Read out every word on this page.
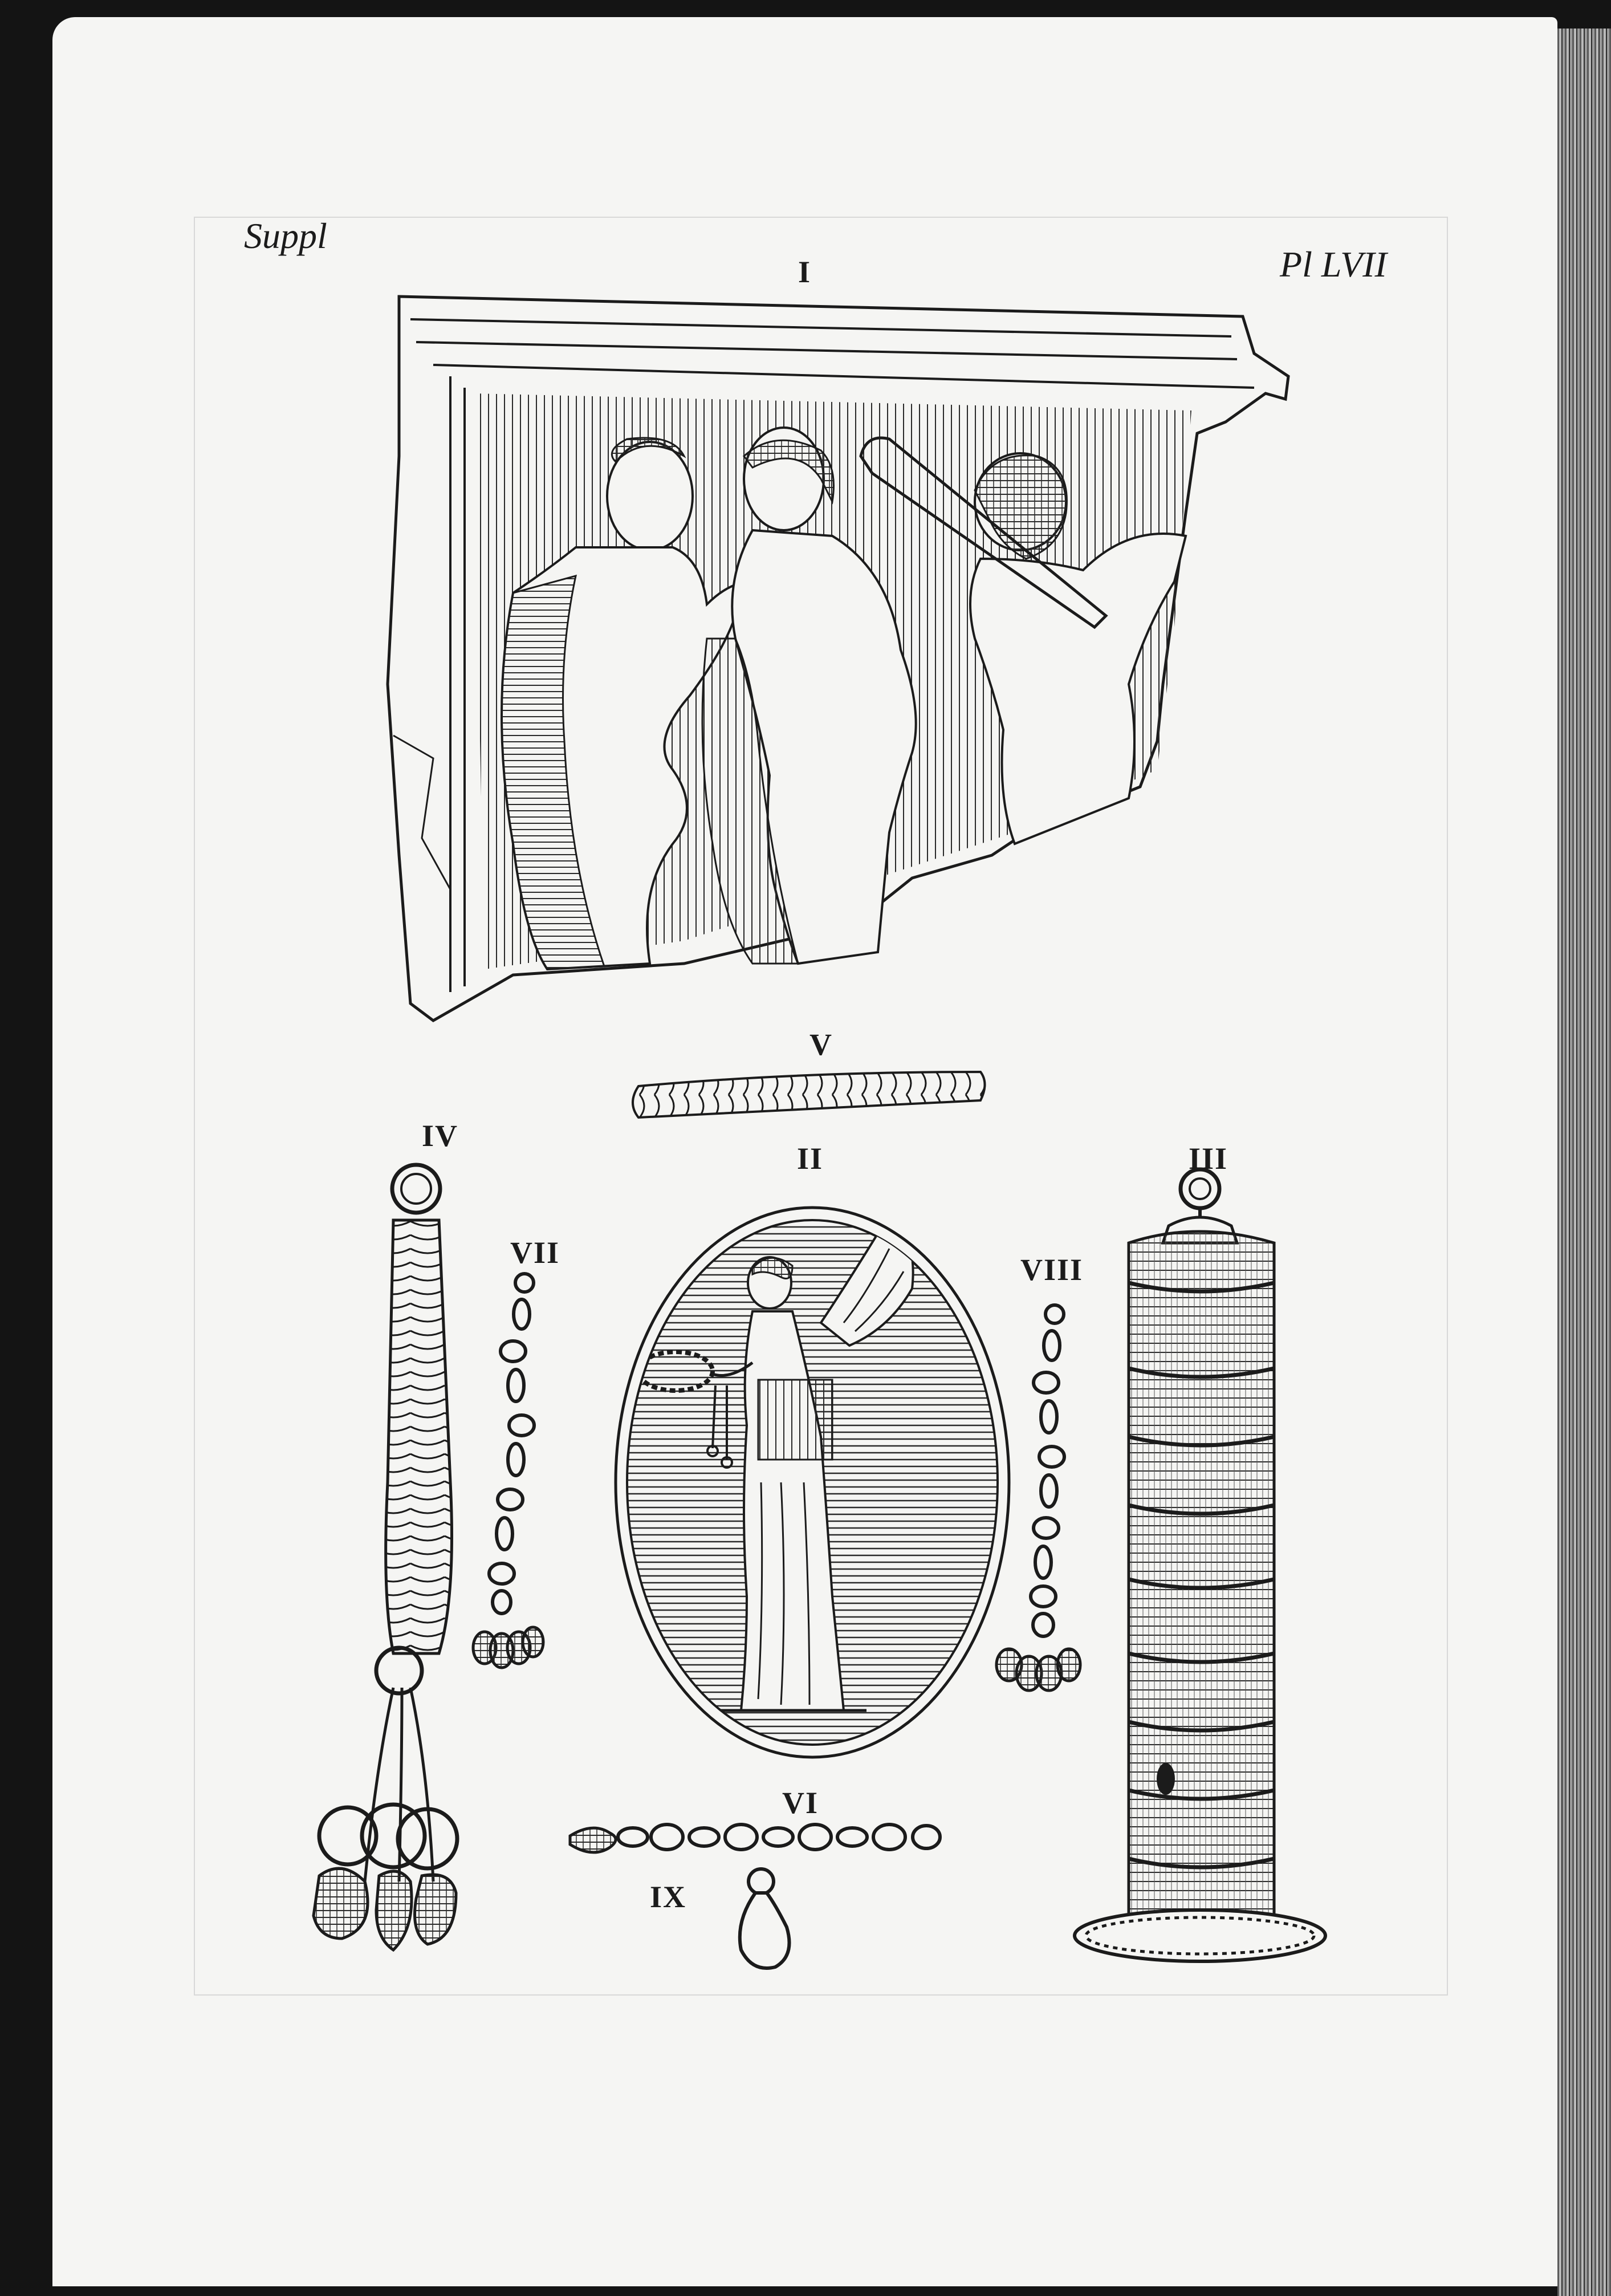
Suppl
Pl LVII
I
V
IV
II	III
VII	VIII
VI
IX
